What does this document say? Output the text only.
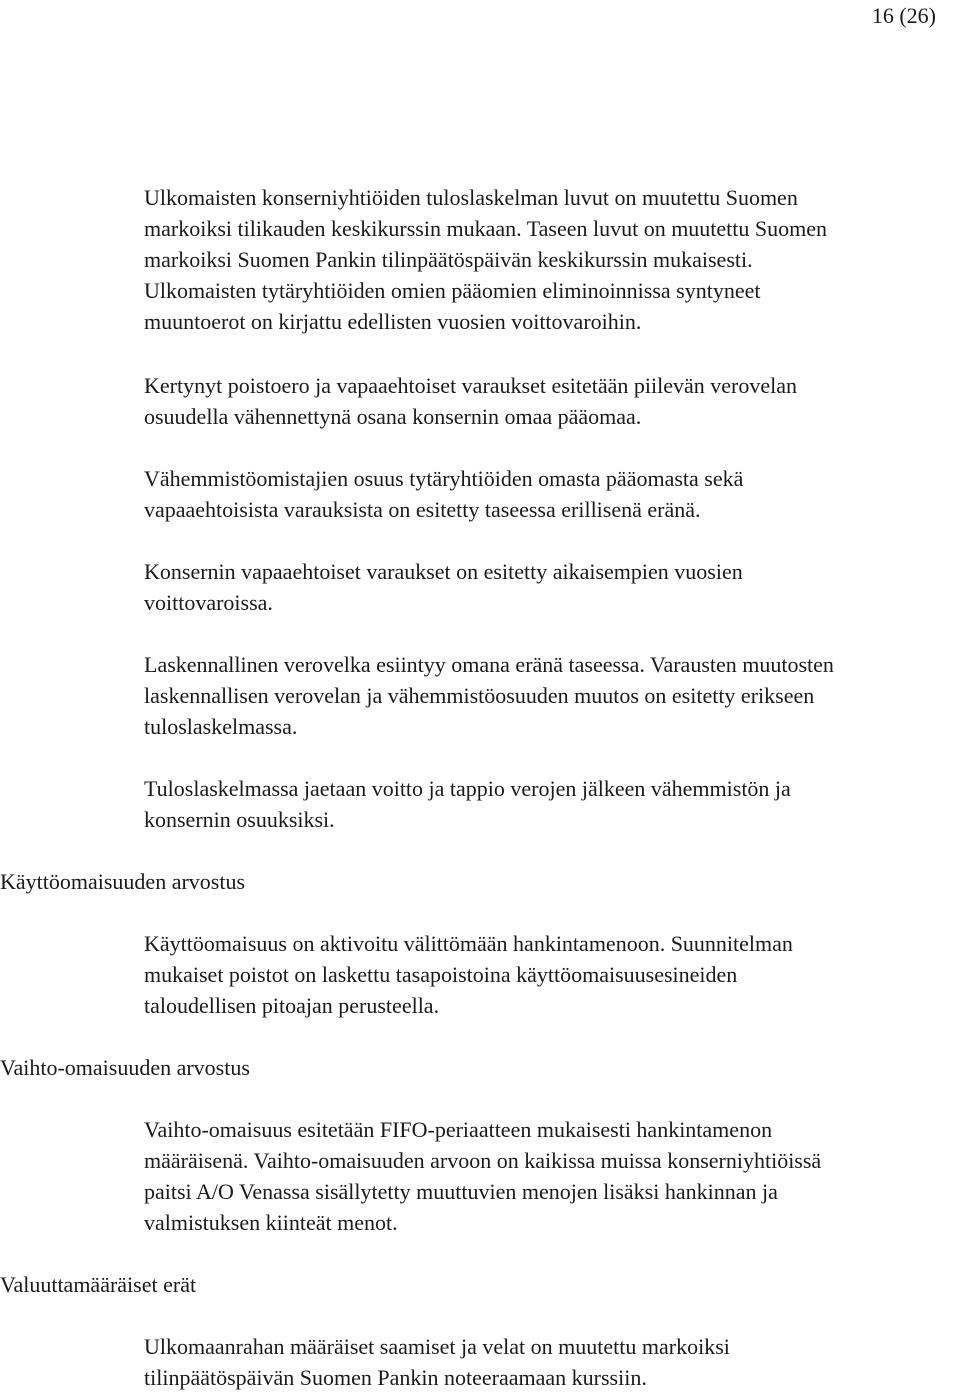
16 (26)
Ulkomaisten konserniyhtiöiden tuloslaskelman luvut on muutettu Suomen
markoiksi tilikauden keskikurssin mukaan. Taseen luvut on muutettu Suomen
markoiksi Suomen Pankin tilinpäätöspäivän keskikurssin mukaisesti.
Ulkomaisten tytäryhtiöiden omien pääomien eliminoinnissa syntyneet
muuntoerot on kirjattu edellisten vuosien voittovaroihin.
Kertynyt poistoero ja vapaaehtoiset varaukset esitetään piilevän verovelan
osuudella vähennettynä osana konsernin omaa pääomaa.
Vähemmistöomistajien osuus tytäryhtiöiden omasta pääomasta sekä
vapaaehtoisista varauksista on esitetty taseessa erillisenä eränä.
Konsernin vapaaehtoiset varaukset on esitetty aikaisempien vuosien
voittovaroissa.
Laskennallinen verovelka esiintyy omana eränä taseessa. Varausten muutosten
laskennallisen verovelan ja vähemmistöosuuden muutos on esitetty erikseen
tuloslaskelmassa.
Tuloslaskelmassa jaetaan voitto ja tappio verojen jälkeen vähemmistön ja
konsernin osuuksiksi.
Käyttöomaisuuden arvostus
Käyttöomaisuus on aktivoitu välittömään hankintamenoon. Suunnitelman
mukaiset poistot on laskettu tasapoistoina käyttöomaisuusesineiden
taloudellisen pitoajan perusteella.
Vaihto-omaisuuden arvostus
Vaihto-omaisuus esitetään FIFO-periaatteen mukaisesti hankintamenon
määräisenä. Vaihto-omaisuuden arvoon on kaikissa muissa konserniyhtiöissä
paitsi A/O Venassa sisällytetty muuttuvien menojen lisäksi hankinnan ja
valmistuksen kiinteät menot.
Valuuttamääräiset erät
Ulkomaanrahan määräiset saamiset ja velat on muutettu markoiksi
tilinpäätöspäivän Suomen Pankin noteeraamaan kurssiin.
